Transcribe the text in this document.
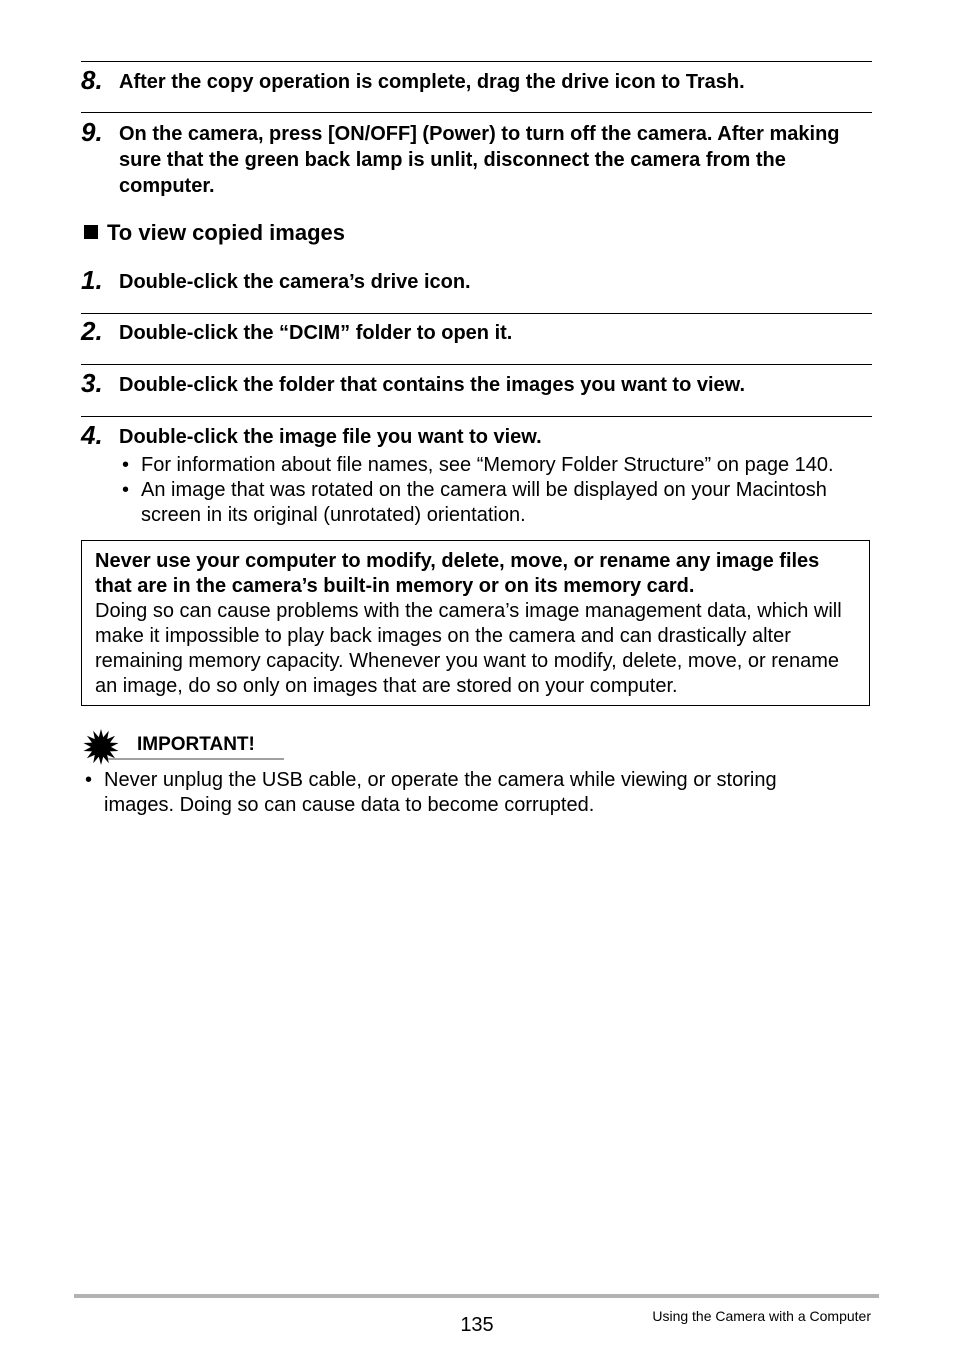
8. After the copy operation is complete, drag the drive icon to Trash.
9. On the camera, press [ON/OFF] (Power) to turn off the camera. After making sure that the green back lamp is unlit, disconnect the camera from the computer.
To view copied images
1. Double-click the camera’s drive icon.
2. Double-click the “DCIM” folder to open it.
3. Double-click the folder that contains the images you want to view.
4. Double-click the image file you want to view.
• For information about file names, see “Memory Folder Structure” on page 140.
• An image that was rotated on the camera will be displayed on your Macintosh screen in its original (unrotated) orientation.
Never use your computer to modify, delete, move, or rename any image files that are in the camera’s built-in memory or on its memory card.
Doing so can cause problems with the camera’s image management data, which will make it impossible to play back images on the camera and can drastically alter remaining memory capacity. Whenever you want to modify, delete, move, or rename an image, do so only on images that are stored on your computer.
IMPORTANT!
• Never unplug the USB cable, or operate the camera while viewing or storing images. Doing so can cause data to become corrupted.
135	Using the Camera with a Computer
